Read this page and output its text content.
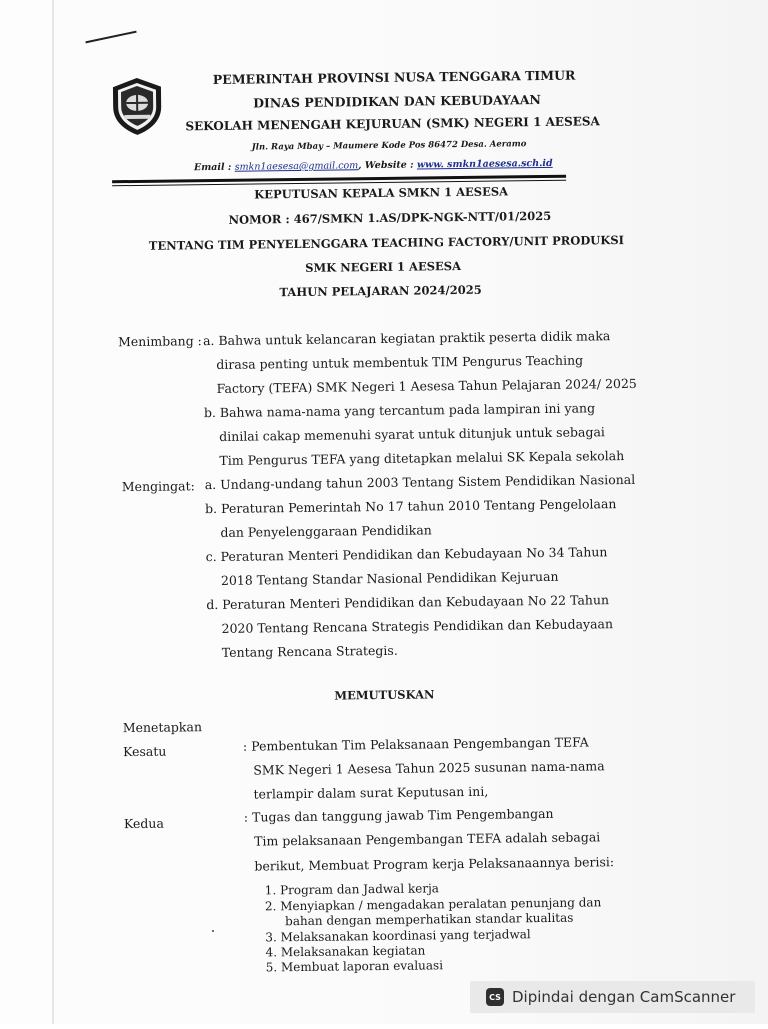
PEMERINTAH PROVINSI NUSA TENGGARA TIMUR
DINAS PENDIDIKAN DAN KEBUDAYAAN
SEKOLAH MENENGAH KEJURUAN (SMK) NEGERI 1 AESESA
Jln. Raya Mbay – Maumere Kode Pos 86472 Desa. Aeramo
Email : smkn1aesesa@gmail.com, Website : www. smkn1aesesa.sch.id
KEPUTUSAN KEPALA SMKN 1 AESESA
NOMOR : 467/SMKN 1.AS/DPK-NGK-NTT/01/2025
TENTANG TIM PENYELENGGARA TEACHING FACTORY/UNIT PRODUKSI
SMK NEGERI 1 AESESA
TAHUN PELAJARAN 2024/2025
Menimbang : a. Bahwa untuk kelancaran kegiatan praktik peserta didik maka
dirasa penting untuk membentuk TIM Pengurus Teaching
Factory (TEFA) SMK Negeri 1 Aesesa Tahun Pelajaran 2024/ 2025
b. Bahwa nama-nama yang tercantum pada lampiran ini yang
dinilai cakap memenuhi syarat untuk ditunjuk untuk sebagai
Tim Pengurus TEFA yang ditetapkan melalui SK Kepala sekolah
Mengingat: a. Undang-undang tahun 2003 Tentang Sistem Pendidikan Nasional
b. Peraturan Pemerintah No 17 tahun 2010 Tentang Pengelolaan
dan Penyelenggaraan Pendidikan
c. Peraturan Menteri Pendidikan dan Kebudayaan No 34 Tahun
2018 Tentang Standar Nasional Pendidikan Kejuruan
d. Peraturan Menteri Pendidikan dan Kebudayaan No 22 Tahun
2020 Tentang Rencana Strategis Pendidikan dan Kebudayaan
Tentang Rencana Strategis.
MEMUTUSKAN
Menetapkan
Kesatu	: Pembentukan Tim Pelaksanaan Pengembangan TEFA
SMK Negeri 1 Aesesa Tahun 2025 susunan nama-nama
terlampir dalam surat Keputusan ini,
Kedua	: Tugas dan tanggung jawab Tim Pengembangan
Tim pelaksanaan Pengembangan TEFA adalah sebagai
berikut, Membuat Program kerja Pelaksanaannya berisi:
1. Program dan Jadwal kerja
2. Menyiapkan / mengadakan peralatan penunjang dan
bahan dengan memperhatikan standar kualitas
3. Melaksanakan koordinasi yang terjadwal
4. Melaksanakan kegiatan
5. Membuat laporan evaluasi
CS Dipindai dengan CamScanner
